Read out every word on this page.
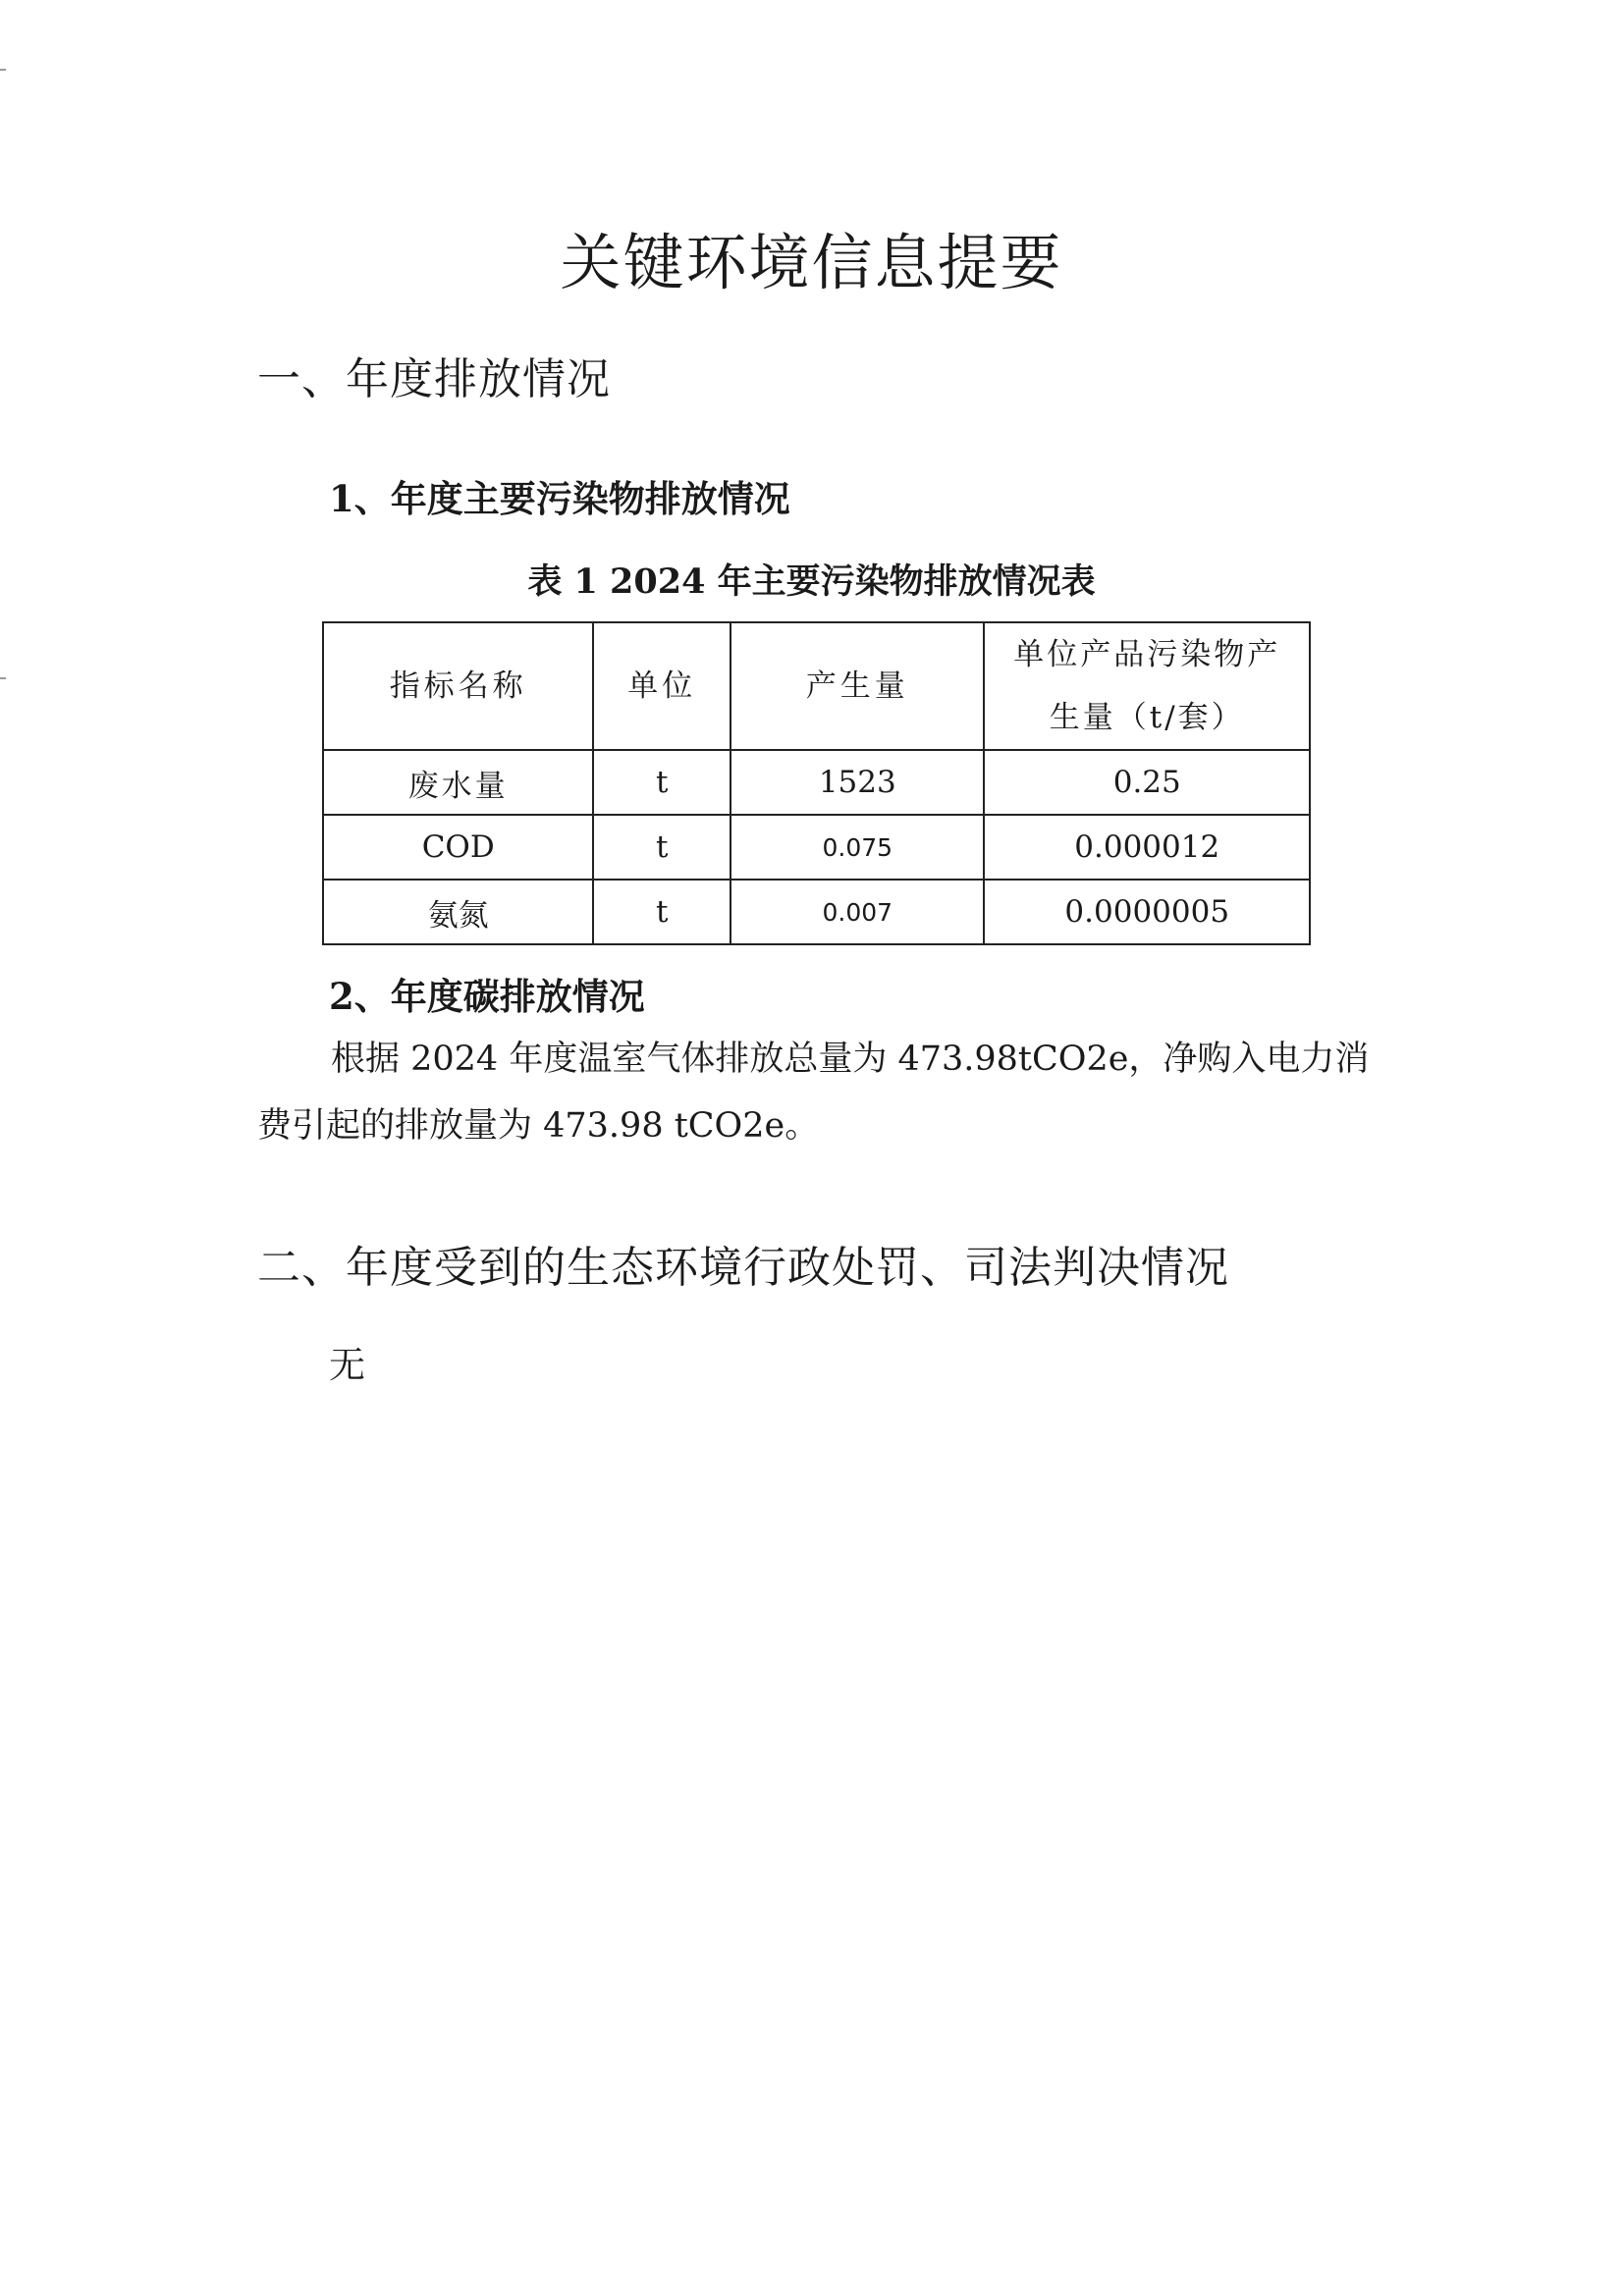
关键环境信息提要
一、年度排放情况
1、年度主要污染物排放情况
表 1 2024 年主要污染物排放情况表
指标名称	单位	产生量	单位产品污染物产生量（t/套）
废水量	t	1523	0.25
COD	t	0.075	0.000012
氨氮	t	0.007	0.0000005
2、年度碳排放情况
根据 2024 年度温室气体排放总量为 473.98tCO2e，净购入电力消费引起的排放量为 473.98 tCO2e。
二、年度受到的生态环境行政处罚、司法判决情况
无
